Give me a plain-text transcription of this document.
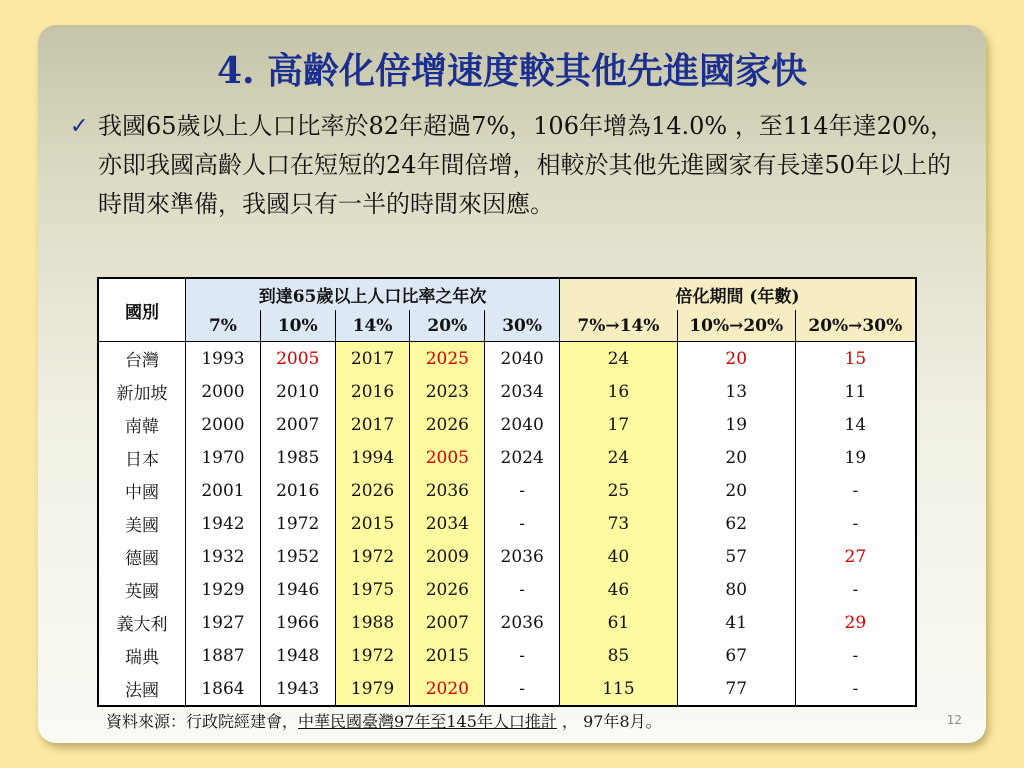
4. 高齡化倍增速度較其他先進國家快
✓ 我國65歲以上人口比率於82年超過7%，106年增為14.0% ，至114年達20%，亦即我國高齡人口在短短的24年間倍增，相較於其他先進國家有長達50年以上的時間來準備，我國只有一半的時間來因應。
國別	到達65歲以上人口比率之年次					倍化期間 (年數)		
	7%	10%	14%	20%	30%	7%→14%	10%→20%	20%→30%
台灣	1993	2005	2017	2025	2040	24	20	15
新加坡	2000	2010	2016	2023	2034	16	13	11
南韓	2000	2007	2017	2026	2040	17	19	14
日本	1970	1985	1994	2005	2024	24	20	19
中國	2001	2016	2026	2036	-	25	20	-
美國	1942	1972	2015	2034	-	73	62	-
德國	1932	1952	1972	2009	2036	40	57	27
英國	1929	1946	1975	2026	-	46	80	-
義大利	1927	1966	1988	2007	2036	61	41	29
瑞典	1887	1948	1972	2015	-	85	67	-
法國	1864	1943	1979	2020	-	115	77	-
資料來源：行政院經建會，中華民國臺灣97年至145年人口推計 ， 97年8月。	12
